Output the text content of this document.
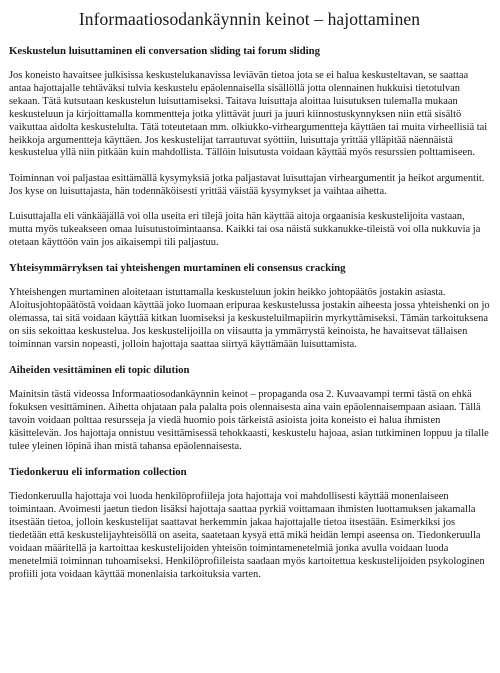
Informaatiosodankäynnin keinot – hajottaminen
Keskustelun luisuttaminen eli conversation sliding tai forum sliding

Jos koneisto havaitsee julkisissa keskustelukanavissa leviävän tietoa jota se ei halua keskusteltavan, se saattaa antaa hajottajalle tehtäväksi tulvia keskustelu epäolennaisella sisällöllä jotta olennainen hukkuisi tietotulvan sekaan. Tätä kutsutaan keskustelun luisuttamiseksi. Taitava luisuttaja aloittaa luisutuksen tulemalla mukaan keskusteluun ja kirjoittamalla kommentteja jotka ylittävät juuri ja juuri kiinnostuskynnyksen niin että sisältö vaikuttaa aidolta keskustelulta. Tätä toteutetaan mm. olkiukko-virheargumentteja käyttäen tai muita virheellisiä tai heikkoja argumentteja käyttäen. Jos keskustelijat tarrautuvat syöttiin, luisuttaja yrittää ylläpitää näennäistä keskustelua yllä niin pitkään kuin mahdollista. Tällöin luisutusta voidaan käyttää myös resurssien polttamiseen.

Toiminnan voi paljastaa esittämällä kysymyksiä jotka paljastavat luisuttajan virheargumentit ja heikot argumentit. Jos kyse on luisuttajasta, hän todennäköisesti yrittää väistää kysymykset ja vaihtaa aihetta.

Luisuttajalla eli vänkääjällä voi olla useita eri tilejä joita hän käyttää aitoja orgaanisia keskustelijoita vastaan, mutta myös tukeakseen omaa luisutustoimintaansa. Kaikki tai osa näistä sukkanukke-tileistä voi olla nukkuvia ja otetaan käyttöön vain jos aikaisempi tili paljastuu.

Yhteisymmärryksen tai yhteishengen murtaminen eli consensus cracking

Yhteishengen murtaminen aloitetaan istuttamalla keskusteluun jokin heikko johtopäätös jostakin asiasta. Aloitusjohtopäätöstä voidaan käyttää joko luomaan eripuraa keskustelussa jostakin aiheesta jossa yhteishenki on jo olemassa, tai sitä voidaan käyttää kitkan luomiseksi ja keskusteluilmapiirin myrkyttämiseksi. Tämän tarkoituksena on siis sekoittaa keskustelua. Jos keskustelijoilla on viisautta ja ymmärrystä keinoista, he havaitsevat tällaisen toiminnan varsin nopeasti, jolloin hajottaja saattaa siirtyä käyttämään luisuttamista.

Aiheiden vesittäminen eli topic dilution

Mainitsin tästä videossa Informaatiosodankäynnin keinot – propaganda osa 2. Kuvaavampi termi tästä on ehkä fokuksen vesittäminen. Aihetta ohjataan pala palalta pois olennaisesta aina vain epäolennaisempaan asiaan. Tällä tavoin voidaan polttaa resursseja ja viedä huomio pois tärkeistä asioista joita koneisto ei halua ihmisten käsittelevän. Jos hajottaja onnistuu vesittämisessä tehokkaasti, keskustelu hajoaa, asian tutkiminen loppuu ja tilalle tulee yleinen löpinä ihan mistä tahansa epäolennaisesta.

Tiedonkeruu eli information collection

Tiedonkeruulla hajottaja voi luoda henkilöprofiileja jota hajottaja voi mahdollisesti käyttää monenlaiseen toimintaan. Avoimesti jaetun tiedon lisäksi hajottaja saattaa pyrkiä voittamaan ihmisten luottamuksen jakamalla itsestään tietoa, jolloin keskustelijat saattavat herkemmin jakaa hajottajalle tietoa itsestään. Esimerkiksi jos tiedetään että keskustelijayhteisöllä on aseita, saatetaan kysyä että mikä heidän lempi aseensa on. Tiedonkeruulla voidaan määritellä ja kartoittaa keskustelijoiden yhteisön toimintamenetelmiä jonka avulla voidaan luoda menetelmiä toiminnan tuhoamiseksi. Henkilöprofiileista saadaan myös kartoitettua keskustelijoiden psykologinen profiili jota voidaan käyttää monenlaisia tarkoituksia varten.
